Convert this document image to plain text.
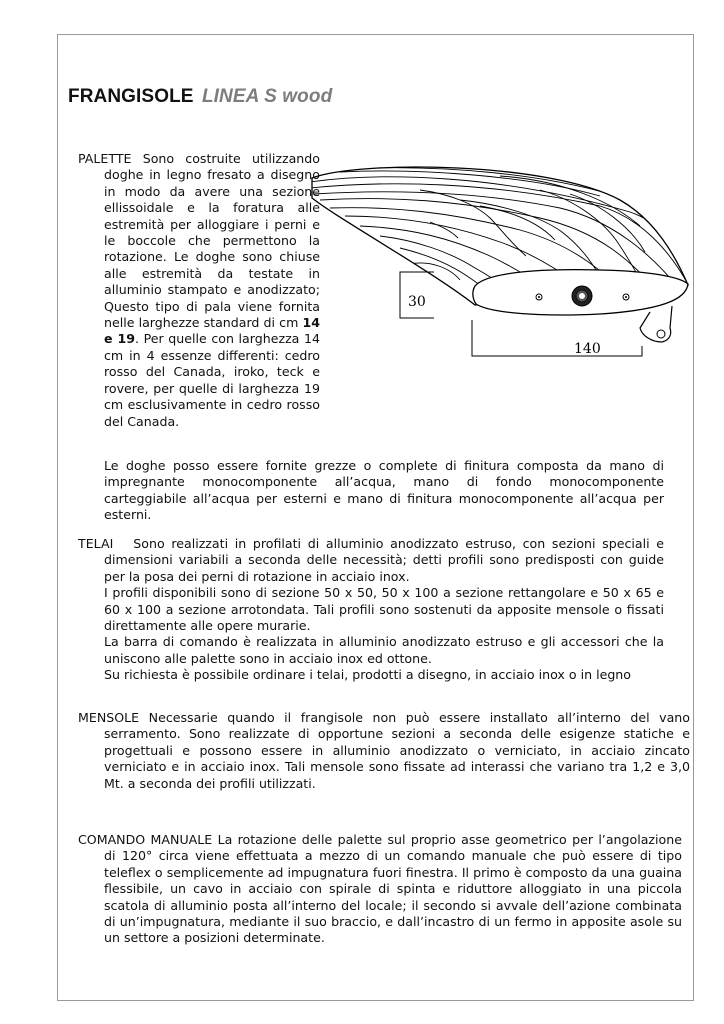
FRANGISOLE LINEA S wood
30
140

PALETTE Sono costruite utilizzando doghe in legno fresato a disegno in modo da avere una sezione ellissoidale e la foratura alle estremità per alloggiare i perni e le boccole che permettono la rotazione. Le doghe sono chiuse alle estremità da testate in alluminio stampato e anodizzato; Questo tipo di pala viene fornita nelle larghezze standard di cm 14 e 19. Per quelle con larghezza 14 cm in 4 essenze differenti: cedro rosso del Canada, iroko, teck e rovere, per quelle di larghezza 19 cm esclusivamente in cedro rosso del Canada.

Le doghe posso essere fornite grezze o complete di finitura composta da mano di impregnante monocomponente all’acqua, mano di fondo monocomponente carteggiabile all’acqua per esterni e mano di finitura monocomponente all’acqua per esterni.

TELAI Sono realizzati in profilati di alluminio anodizzato estruso, con sezioni speciali e dimensioni variabili a seconda delle necessità; detti profili sono predisposti con guide per la posa dei perni di rotazione in acciaio inox.

I profili disponibili sono di sezione 50 x 50, 50 x 100 a sezione rettangolare e 50 x 65 e 60 x 100 a sezione arrotondata. Tali profili sono sostenuti da apposite mensole o fissati direttamente alle opere murarie.

La barra di comando è realizzata in alluminio anodizzato estruso e gli accessori che la uniscono alle palette sono in acciaio inox ed ottone.

Su richiesta è possibile ordinare i telai, prodotti a disegno, in acciaio inox o in legno

MENSOLE Necessarie quando il frangisole non può essere installato all’interno del vano serramento. Sono realizzate di opportune sezioni a seconda delle esigenze statiche e progettuali e possono essere in alluminio anodizzato o verniciato, in acciaio zincato verniciato e in acciaio inox. Tali mensole sono fissate ad interassi che variano tra 1,2 e 3,0 Mt. a seconda dei profili utilizzati.

COMANDO MANUALE La rotazione delle palette sul proprio asse geometrico per l’angolazione di 120° circa viene effettuata a mezzo di un comando manuale che può essere di tipo teleflex o semplicemente ad impugnatura fuori finestra. Il primo è composto da una guaina flessibile, un cavo in acciaio con spirale di spinta e riduttore alloggiato in una piccola scatola di alluminio posta all’interno del locale; il secondo si avvale dell’azione combinata di un’impugnatura, mediante il suo braccio, e dall’incastro di un fermo in apposite asole su un settore a posizioni determinate.
